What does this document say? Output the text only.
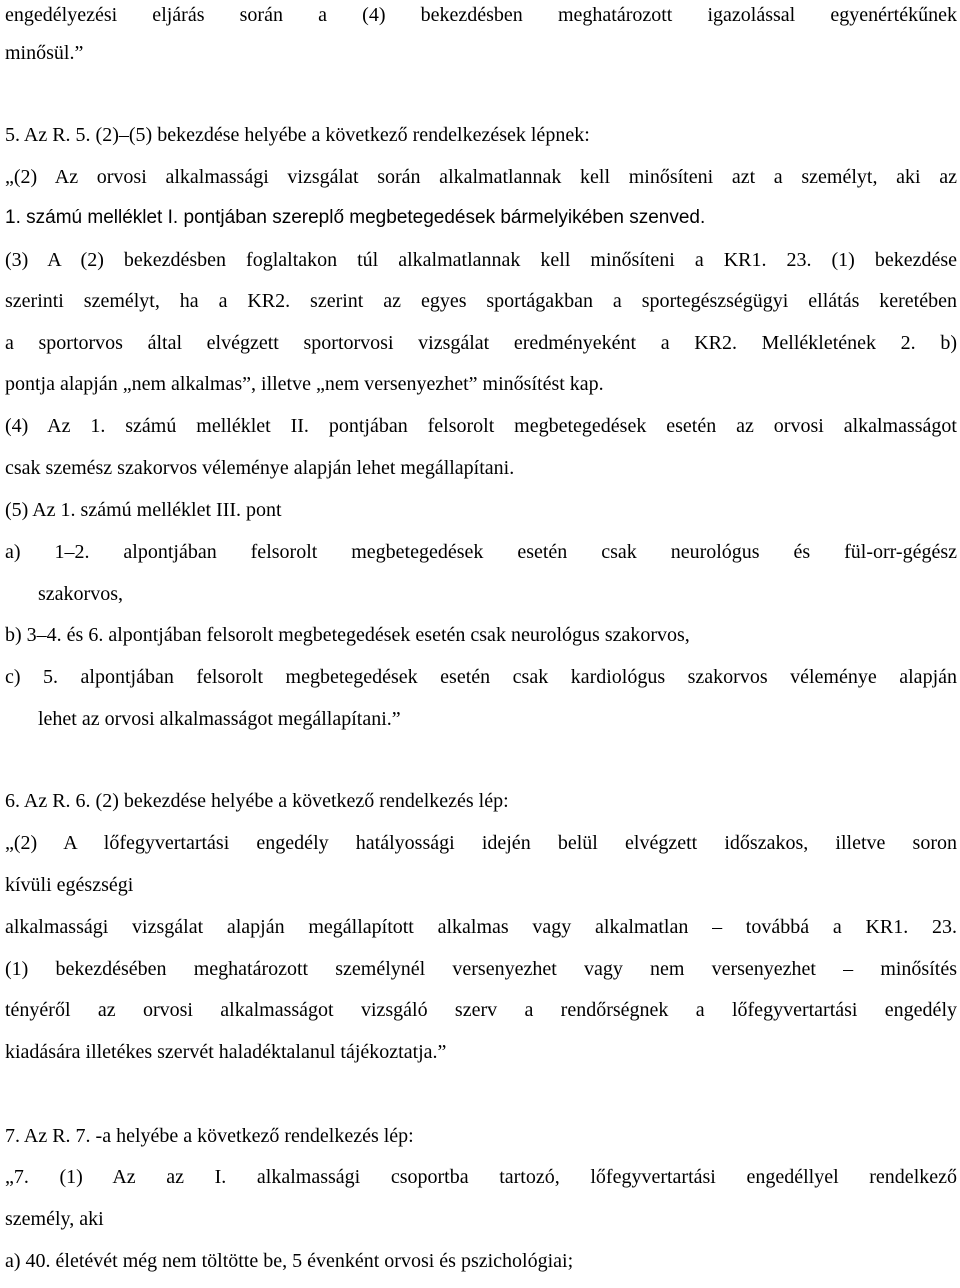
engedélyezési eljárás során a (4) bekezdésben meghatározott igazolással egyenértékűnek
minősül.”
5. Az R. 5. (2)–(5) bekezdése helyébe a következő rendelkezések lépnek:
„(2) Az orvosi alkalmassági vizsgálat során alkalmatlannak kell minősíteni azt a személyt, aki az
1. számú melléklet I. pontjában szereplő megbetegedések bármelyikében szenved.
(3) A (2) bekezdésben foglaltakon túl alkalmatlannak kell minősíteni a KR1. 23. (1) bekezdése
szerinti személyt, ha a KR2. szerint az egyes sportágakban a sportegészségügyi ellátás keretében
a sportorvos által elvégzett sportorvosi vizsgálat eredményeként a KR2. Mellékletének 2. b)
pontja alapján „nem alkalmas”, illetve „nem versenyezhet” minősítést kap.
(4) Az 1. számú melléklet II. pontjában felsorolt megbetegedések esetén az orvosi alkalmasságot
csak szemész szakorvos véleménye alapján lehet megállapítani.
(5) Az 1. számú melléklet III. pont
a) 1–2. alpontjában felsorolt megbetegedések esetén csak neurológus és fül-orr-gégész
szakorvos,
b) 3–4. és 6. alpontjában felsorolt megbetegedések esetén csak neurológus szakorvos,
c) 5. alpontjában felsorolt megbetegedések esetén csak kardiológus szakorvos véleménye alapján
lehet az orvosi alkalmasságot megállapítani.”
6. Az R. 6. (2) bekezdése helyébe a következő rendelkezés lép:
„(2) A lőfegyvertartási engedély hatályossági idején belül elvégzett időszakos, illetve soron
kívüli egészségi
alkalmassági vizsgálat alapján megállapított alkalmas vagy alkalmatlan – továbbá a KR1. 23.
(1) bekezdésében meghatározott személynél versenyezhet vagy nem versenyezhet – minősítés
tényéről az orvosi alkalmasságot vizsgáló szerv a rendőrségnek a lőfegyvertartási engedély
kiadására illetékes szervét haladéktalanul tájékoztatja.”
7. Az R. 7. -a helyébe a következő rendelkezés lép:
„7. (1) Az az I. alkalmassági csoportba tartozó, lőfegyvertartási engedéllyel rendelkező
személy, aki
a) 40. életévét még nem töltötte be, 5 évenként orvosi és pszichológiai;
